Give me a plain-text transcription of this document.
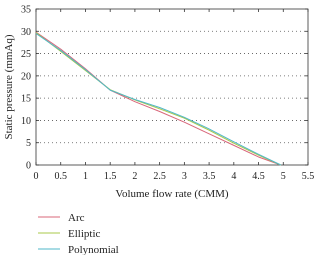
0
5
10
15
20
25
30
35
0 0.5 1 1.5 2 2.5 3 3.5 4 4.5 5 5.5
Volume flow rate (CMM)
Static pressure (mmAq)
Arc
Elliptic
Polynomial
